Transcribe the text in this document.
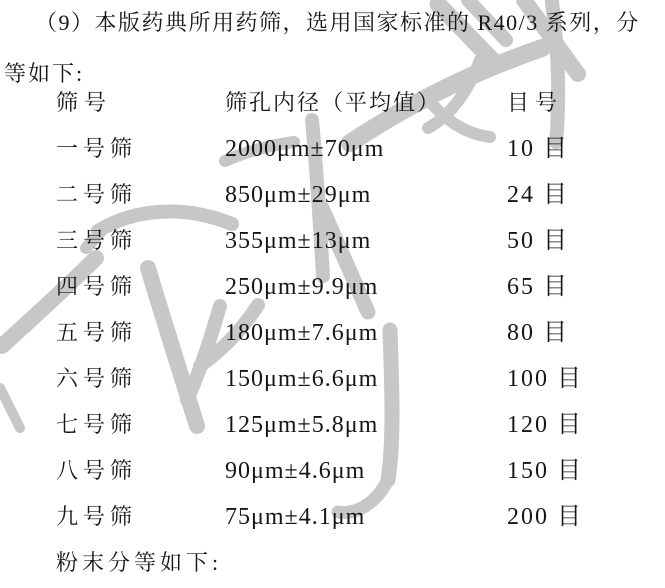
（9）本版药典所用药筛，选用国家标准的 R40/3 系列，分
等如下:
筛号	筛孔内径（平均值）	目号
一号筛	2000μm±70μm	10 目
二号筛	850μm±29μm	24 目
三号筛	355μm±13μm	50 目
四号筛	250μm±9.9μm	65 目
五号筛	180μm±7.6μm	80 目
六号筛	150μm±6.6μm	100 目
七号筛	125μm±5.8μm	120 目
八号筛	90μm±4.6μm	150 目
九号筛	75μm±4.1μm	200 目
粉末分等如下:
